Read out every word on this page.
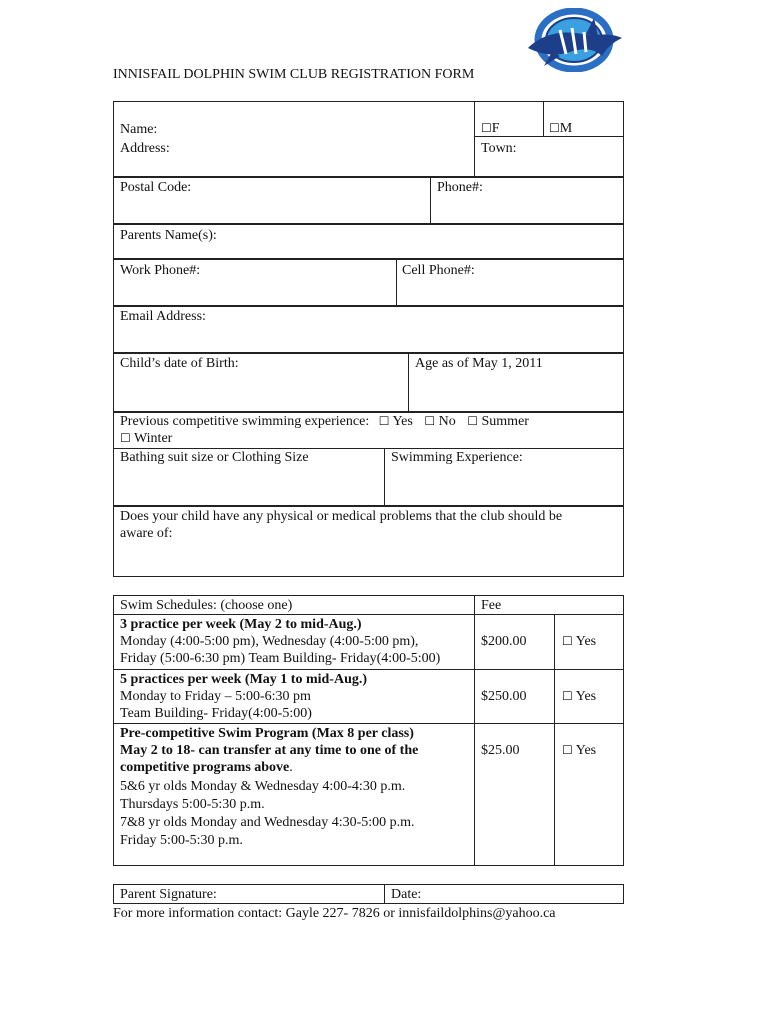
INNISFAIL DOLPHIN SWIM CLUB REGISTRATION FORM
Name:
Address:
☐F	☐M
Town:
Postal Code:	Phone#:
Parents Name(s):
Work Phone#:	Cell Phone#:
Email Address:
Child’s date of Birth:	Age as of May 1, 2011
Previous competitive swimming experience: ☐ Yes ☐ No ☐ Summer
☐ Winter
Bathing suit size or Clothing Size	Swimming Experience:
Does your child have any physical or medical problems that the club should be
aware of:
Swim Schedules: (choose one)	Fee
3 practice per week (May 2 to mid-Aug.)
Monday (4:00-5:00 pm), Wednesday (4:00-5:00 pm),
Friday (5:00-6:30 pm) Team Building- Friday(4:00-5:00)
$200.00	☐ Yes
5 practices per week (May 1 to mid-Aug.)
Monday to Friday – 5:00-6:30 pm
Team Building- Friday(4:00-5:00)
$250.00	☐ Yes
Pre-competitive Swim Program (Max 8 per class)
May 2 to 18- can transfer at any time to one of the
competitive programs above.
5&6 yr olds Monday & Wednesday 4:00-4:30 p.m.
Thursdays 5:00-5:30 p.m.
7&8 yr olds Monday and Wednesday 4:30-5:00 p.m.
Friday 5:00-5:30 p.m.
$25.00	☐ Yes
Parent Signature:	Date:
For more information contact: Gayle 227- 7826 or innisfaildolphins@yahoo.ca
